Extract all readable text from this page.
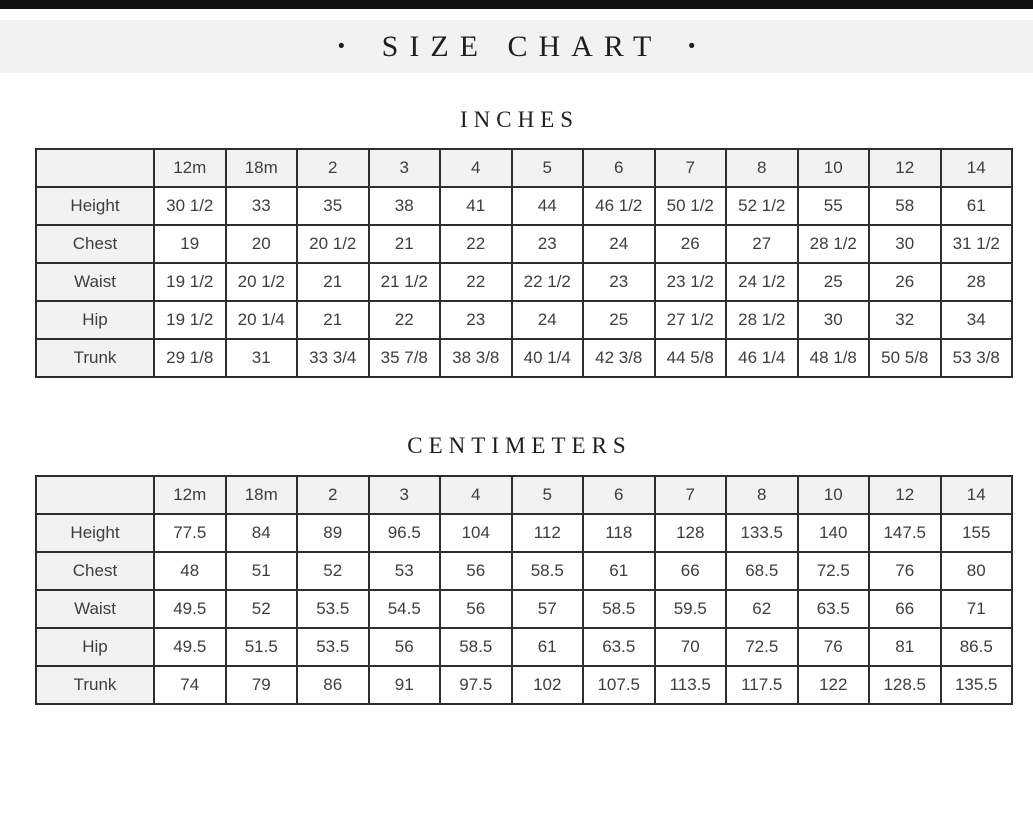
•	SIZE CHART •
INCHES
	12m	18m	2	3	4	5	6	7	8	10	12	14
Height	30 1/2	33	35	38	41	44	46 1/2	50 1/2	52 1/2	55	58	61
Chest	19	20	20 1/2	21	22	23	24	26	27	28 1/2	30	31 1/2
Waist	19 1/2	20 1/2	21	21 1/2	22	22 1/2	23	23 1/2	24 1/2	25	26	28
Hip	19 1/2	20 1/4	21	22	23	24	25	27 1/2	28 1/2	30	32	34
Trunk	29 1/8	31	33 3/4	35 7/8	38 3/8	40 1/4	42 3/8	44 5/8	46 1/4	48 1/8	50 5/8	53 3/8
CENTIMETERS
	12m	18m	2	3	4	5	6	7	8	10	12	14
Height	77.5	84	89	96.5	104	112	118	128	133.5	140	147.5	155
Chest	48	51	52	53	56	58.5	61	66	68.5	72.5	76	80
Waist	49.5	52	53.5	54.5	56	57	58.5	59.5	62	63.5	66	71
Hip	49.5	51.5	53.5	56	58.5	61	63.5	70	72.5	76	81	86.5
Trunk	74	79	86	91	97.5	102	107.5	113.5	117.5	122	128.5	135.5
